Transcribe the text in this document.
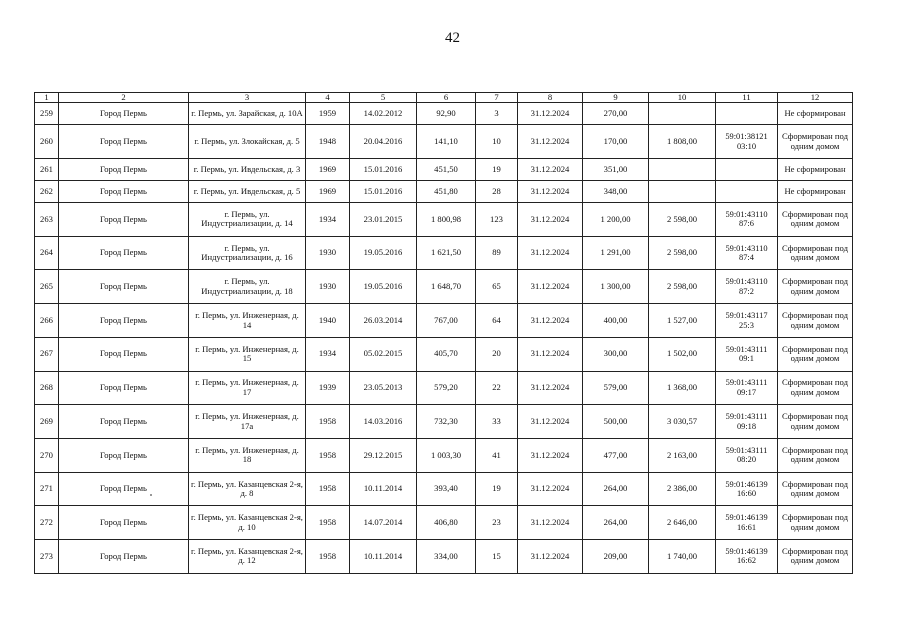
42
1	2	3	4	5	6	7	8	9	10	11	12
259	Город Пермь	г. Пермь, ул. Зарайская, д. 10А	1959	14.02.2012	92,90	3	31.12.2024	270,00			Не сформирован
260	Город Пермь	г. Пермь, ул. Злокайская, д. 5	1948	20.04.2016	141,10	10	31.12.2024	170,00	1 808,00	59:01:38121 03:10	Сформирован под одним домом
261	Город Пермь	г. Пермь, ул. Ивдельская, д. 3	1969	15.01.2016	451,50	19	31.12.2024	351,00			Не сформирован
262	Город Пермь	г. Пермь, ул. Ивдельская, д. 5	1969	15.01.2016	451,80	28	31.12.2024	348,00			Не сформирован
263	Город Пермь	г. Пермь, ул. Индустриализации, д. 14	1934	23.01.2015	1 800,98	123	31.12.2024	1 200,00	2 598,00	59:01:43110 87:6	Сформирован под одним домом
264	Город Пермь	г. Пермь, ул. Индустриализации, д. 16	1930	19.05.2016	1 621,50	89	31.12.2024	1 291,00	2 598,00	59:01:43110 87:4	Сформирован под одним домом
265	Город Пермь	г. Пермь, ул. Индустриализации, д. 18	1930	19.05.2016	1 648,70	65	31.12.2024	1 300,00	2 598,00	59:01:43110 87:2	Сформирован под одним домом
266	Город Пермь	г. Пермь, ул. Инженерная, д. 14	1940	26.03.2014	767,00	64	31.12.2024	400,00	1 527,00	59:01:43117 25:3	Сформирован под одним домом
267	Город Пермь	г. Пермь, ул. Инженерная, д. 15	1934	05.02.2015	405,70	20	31.12.2024	300,00	1 502,00	59:01:43111 09:1	Сформирован под одним домом
268	Город Пермь	г. Пермь, ул. Инженерная, д. 17	1939	23.05.2013	579,20	22	31.12.2024	579,00	1 368,00	59:01:43111 09:17	Сформирован под одним домом
269	Город Пермь	г. Пермь, ул. Инженерная, д. 17а	1958	14.03.2016	732,30	33	31.12.2024	500,00	3 030,57	59:01:43111 09:18	Сформирован под одним домом
270	Город Пермь	г. Пермь, ул. Инженерная, д. 18	1958	29.12.2015	1 003,30	41	31.12.2024	477,00	2 163,00	59:01:43111 08:20	Сформирован под одним домом
271	Город Пермь	г. Пермь, ул. Казанцевская 2-я, д. 8	1958	10.11.2014	393,40	19	31.12.2024	264,00	2 386,00	59:01:46139 16:60	Сформирован под одним домом
272	Город Пермь	г. Пермь, ул. Казанцевская 2-я, д. 10	1958	14.07.2014	406,80	23	31.12.2024	264,00	2 646,00	59:01:46139 16:61	Сформирован под одним домом
273	Город Пермь	г. Пермь, ул. Казанцевская 2-я, д. 12	1958	10.11.2014	334,00	15	31.12.2024	209,00	1 740,00	59:01:46139 16:62	Сформирован под одним домом
